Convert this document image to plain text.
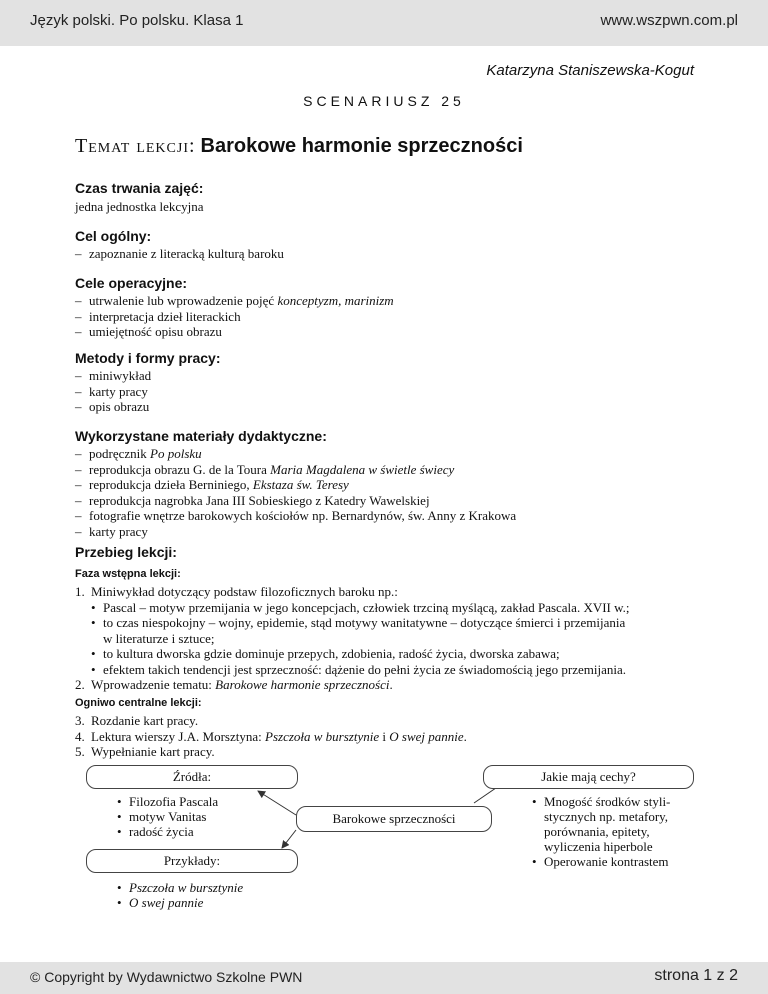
Język polski. Po polsku. Klasa 1	www.wszpwn.com.pl
Katarzyna Staniszewska-Kogut
SCENARIUSZ 25
Temat lekcji: Barokowe harmonie sprzeczności
Czas trwania zajęć:
jedna jednostka lekcyjna
Cel ogólny:
– zapoznanie z literacką kulturą baroku
Cele operacyjne:
– utrwalenie lub wprowadzenie pojęć konceptyzm, marinizm
– interpretacja dzieł literackich
– umiejętność opisu obrazu
Metody i formy pracy:
– miniwykład
– karty pracy
– opis obrazu
Wykorzystane materiały dydaktyczne:
– podręcznik Po polsku
– reprodukcja obrazu G. de la Toura Maria Magdalena w świetle świecy
– reprodukcja dzieła Berniniego, Ekstaza św. Teresy
– reprodukcja nagrobka Jana III Sobieskiego z Katedry Wawelskiej
– fotografie wnętrze barokowych kościołów np. Bernardynów, św. Anny z Krakowa
– karty pracy
Przebieg lekcji:
Faza wstępna lekcji:
1. Miniwykład dotyczący podstaw filozoficznych baroku np.:
• Pascal – motyw przemijania w jego koncepcjach, człowiek trzciną myślącą, zakład Pascala. XVII w.;
• to czas niespokojny – wojny, epidemie, stąd motywy wanitatywne – dotyczące śmierci i przemijania
w literaturze i sztuce;
• to kultura dworska gdzie dominuje przepych, zdobienia, radość życia, dworska zabawa;
• efektem takich tendencji jest sprzeczność: dążenie do pełni życia ze świadomością jego przemijania.
2. Wprowadzenie tematu: Barokowe harmonie sprzeczności.
Ogniwo centralne lekcji:
3. Rozdanie kart pracy.
4. Lektura wierszy J.A. Morsztyna: Pszczoła w bursztynie i O swej pannie.
5. Wypełnianie kart pracy.
Źródła:
• Filozofia Pascala
• motyw Vanitas
• radość życia
Barokowe sprzeczności
Jakie mają cechy?
• Mnogość środków styli-
stycznych np. metafory,
porównania, epitety,
wyliczenia hiperbole
• Operowanie kontrastem
Przykłady:
• Pszczoła w bursztynie
• O swej pannie
© Copyright by Wydawnictwo Szkolne PWN	strona 1 z 2
